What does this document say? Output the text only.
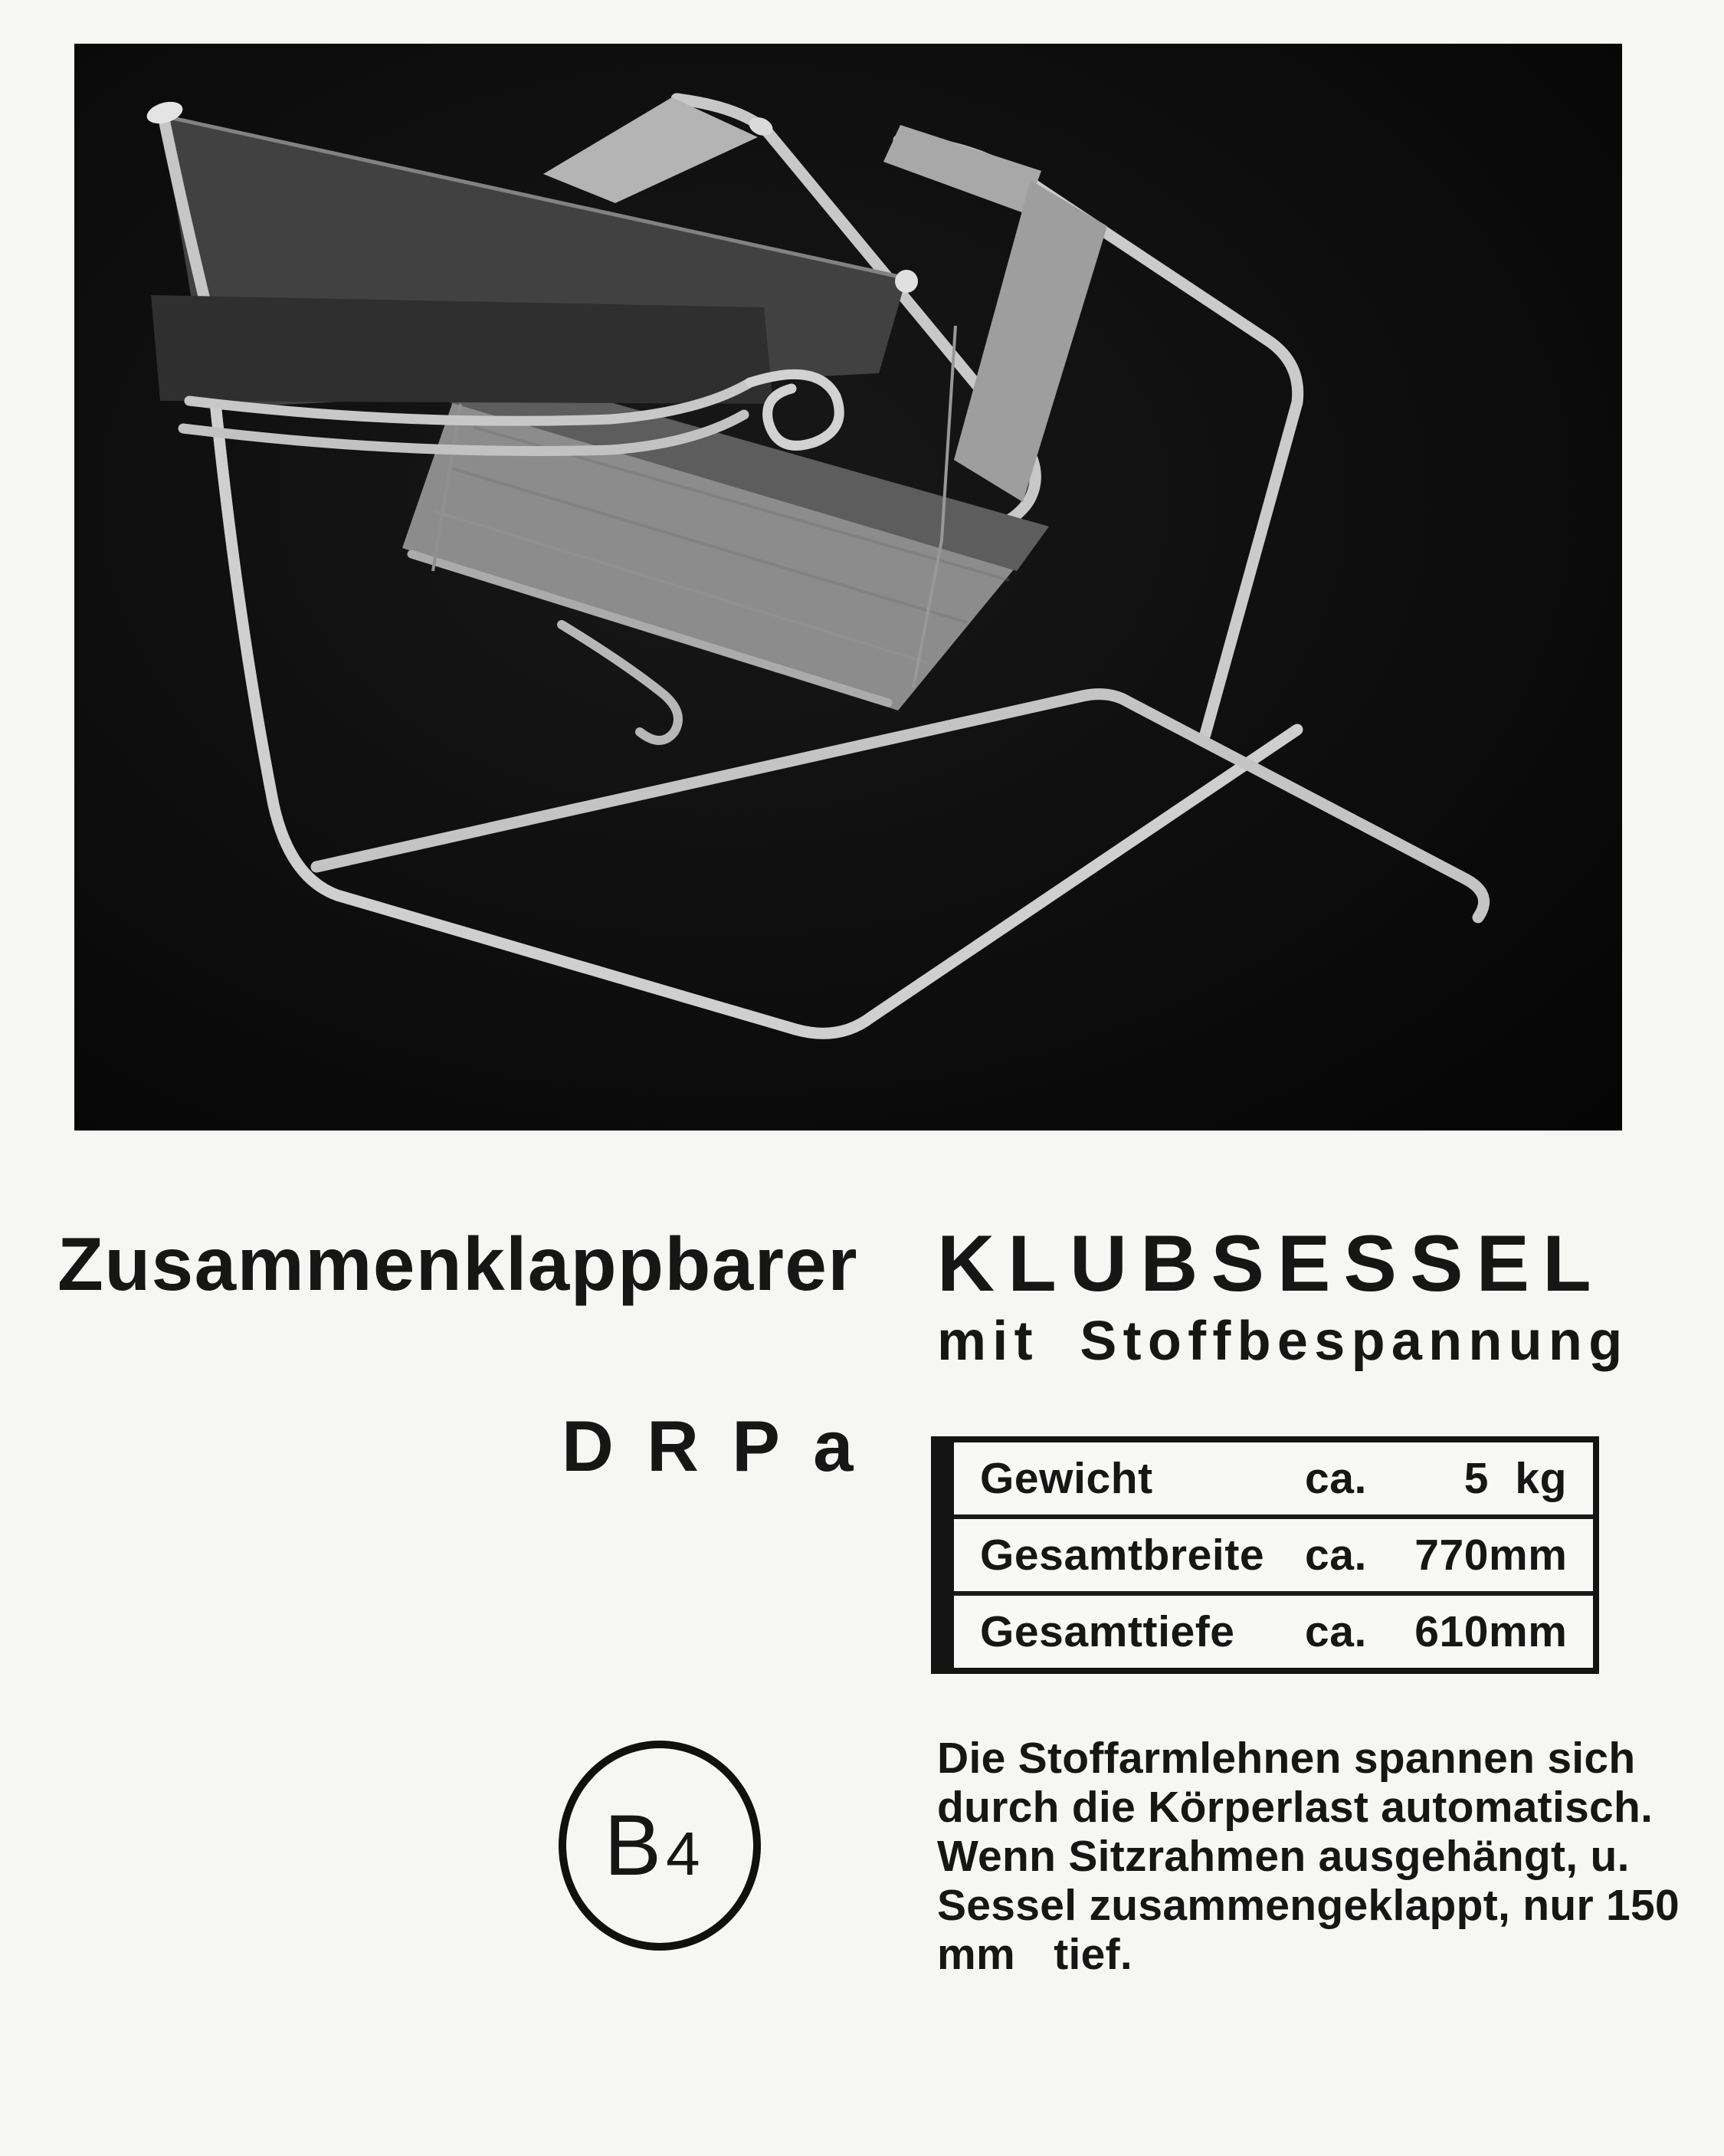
Zusammenklappbarer KLUBSESSEL
mit Stoffbespannung
DRPa Gewicht	ca.	5 kg
Gesamtbreite ca.	770 mm
Gesamttiefe	ca.	610 mm
B 4
Die Stoffarmlehnen spannen sich
durch die Körperlast automatisch.
Wenn Sitzrahmen ausgehängt, u.
Sessel zusammengeklappt, nur 150
mm tief.
